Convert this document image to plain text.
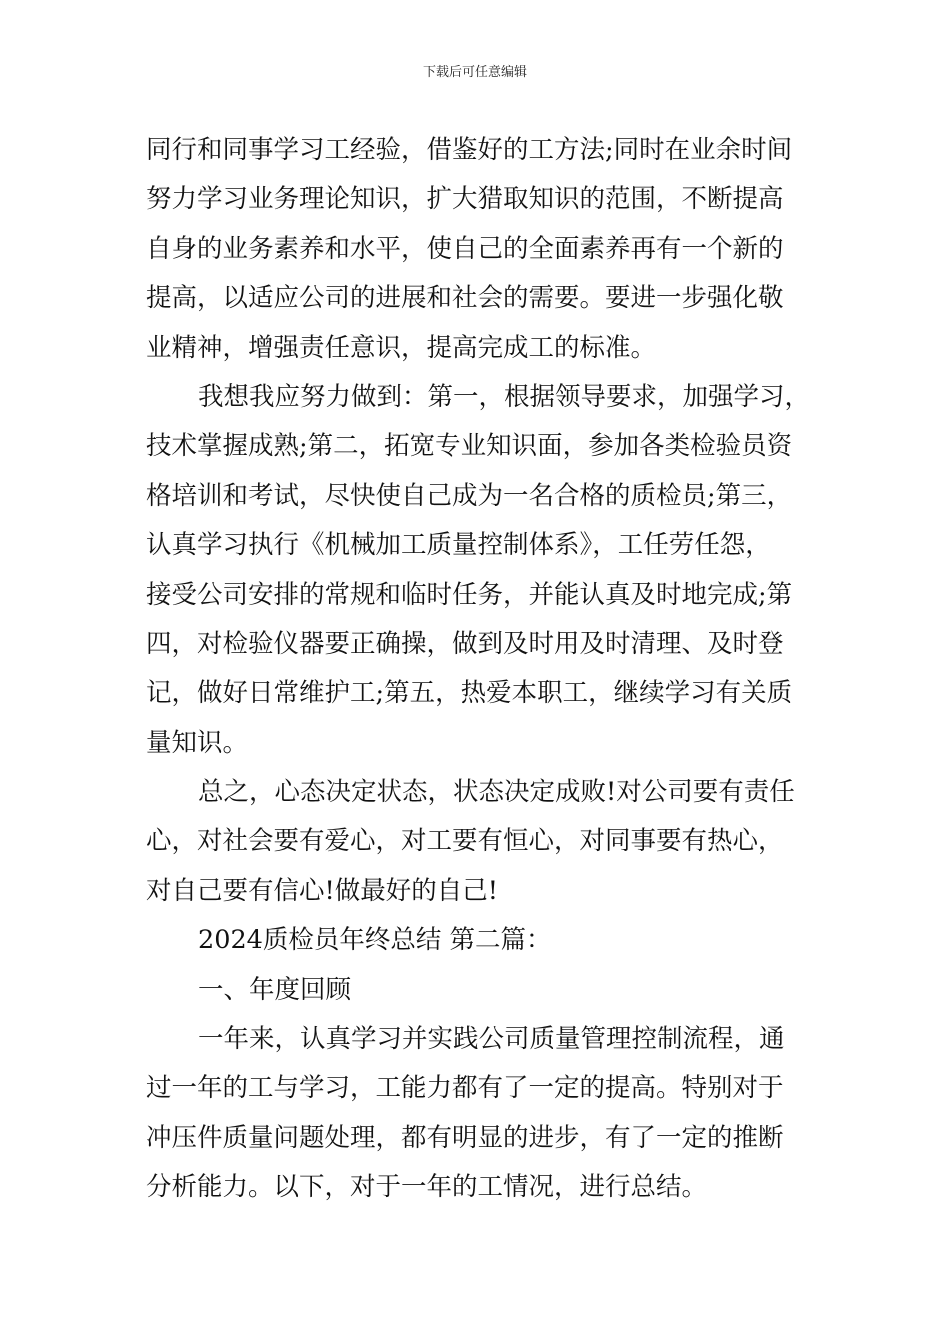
下载后可任意编辑
同行和同事学习工经验，借鉴好的工方法;同时在业余时间
努力学习业务理论知识，扩大猎取知识的范围，不断提高
自身的业务素养和水平，使自己的全面素养再有一个新的
提高，以适应公司的进展和社会的需要。要进一步强化敬
业精神，增强责任意识，提高完成工的标准。
我想我应努力做到：第一，根据领导要求，加强学习，
技术掌握成熟;第二，拓宽专业知识面，参加各类检验员资
格培训和考试，尽快使自己成为一名合格的质检员;第三，
认真学习执行《机械加工质量控制体系》，工任劳任怨，
接受公司安排的常规和临时任务，并能认真及时地完成;第
四，对检验仪器要正确操，做到及时用及时清理、及时登
记，做好日常维护工;第五，热爱本职工，继续学习有关质
量知识。
总之，心态决定状态，状态决定成败!对公司要有责任
心，对社会要有爱心，对工要有恒心，对同事要有热心，
对自己要有信心!做最好的自己!
2024质检员年终总结 第二篇：
一、年度回顾
一年来，认真学习并实践公司质量管理控制流程，通
过一年的工与学习，工能力都有了一定的提高。特别对于
冲压件质量问题处理，都有明显的进步，有了一定的推断
分析能力。以下，对于一年的工情况，进行总结。
